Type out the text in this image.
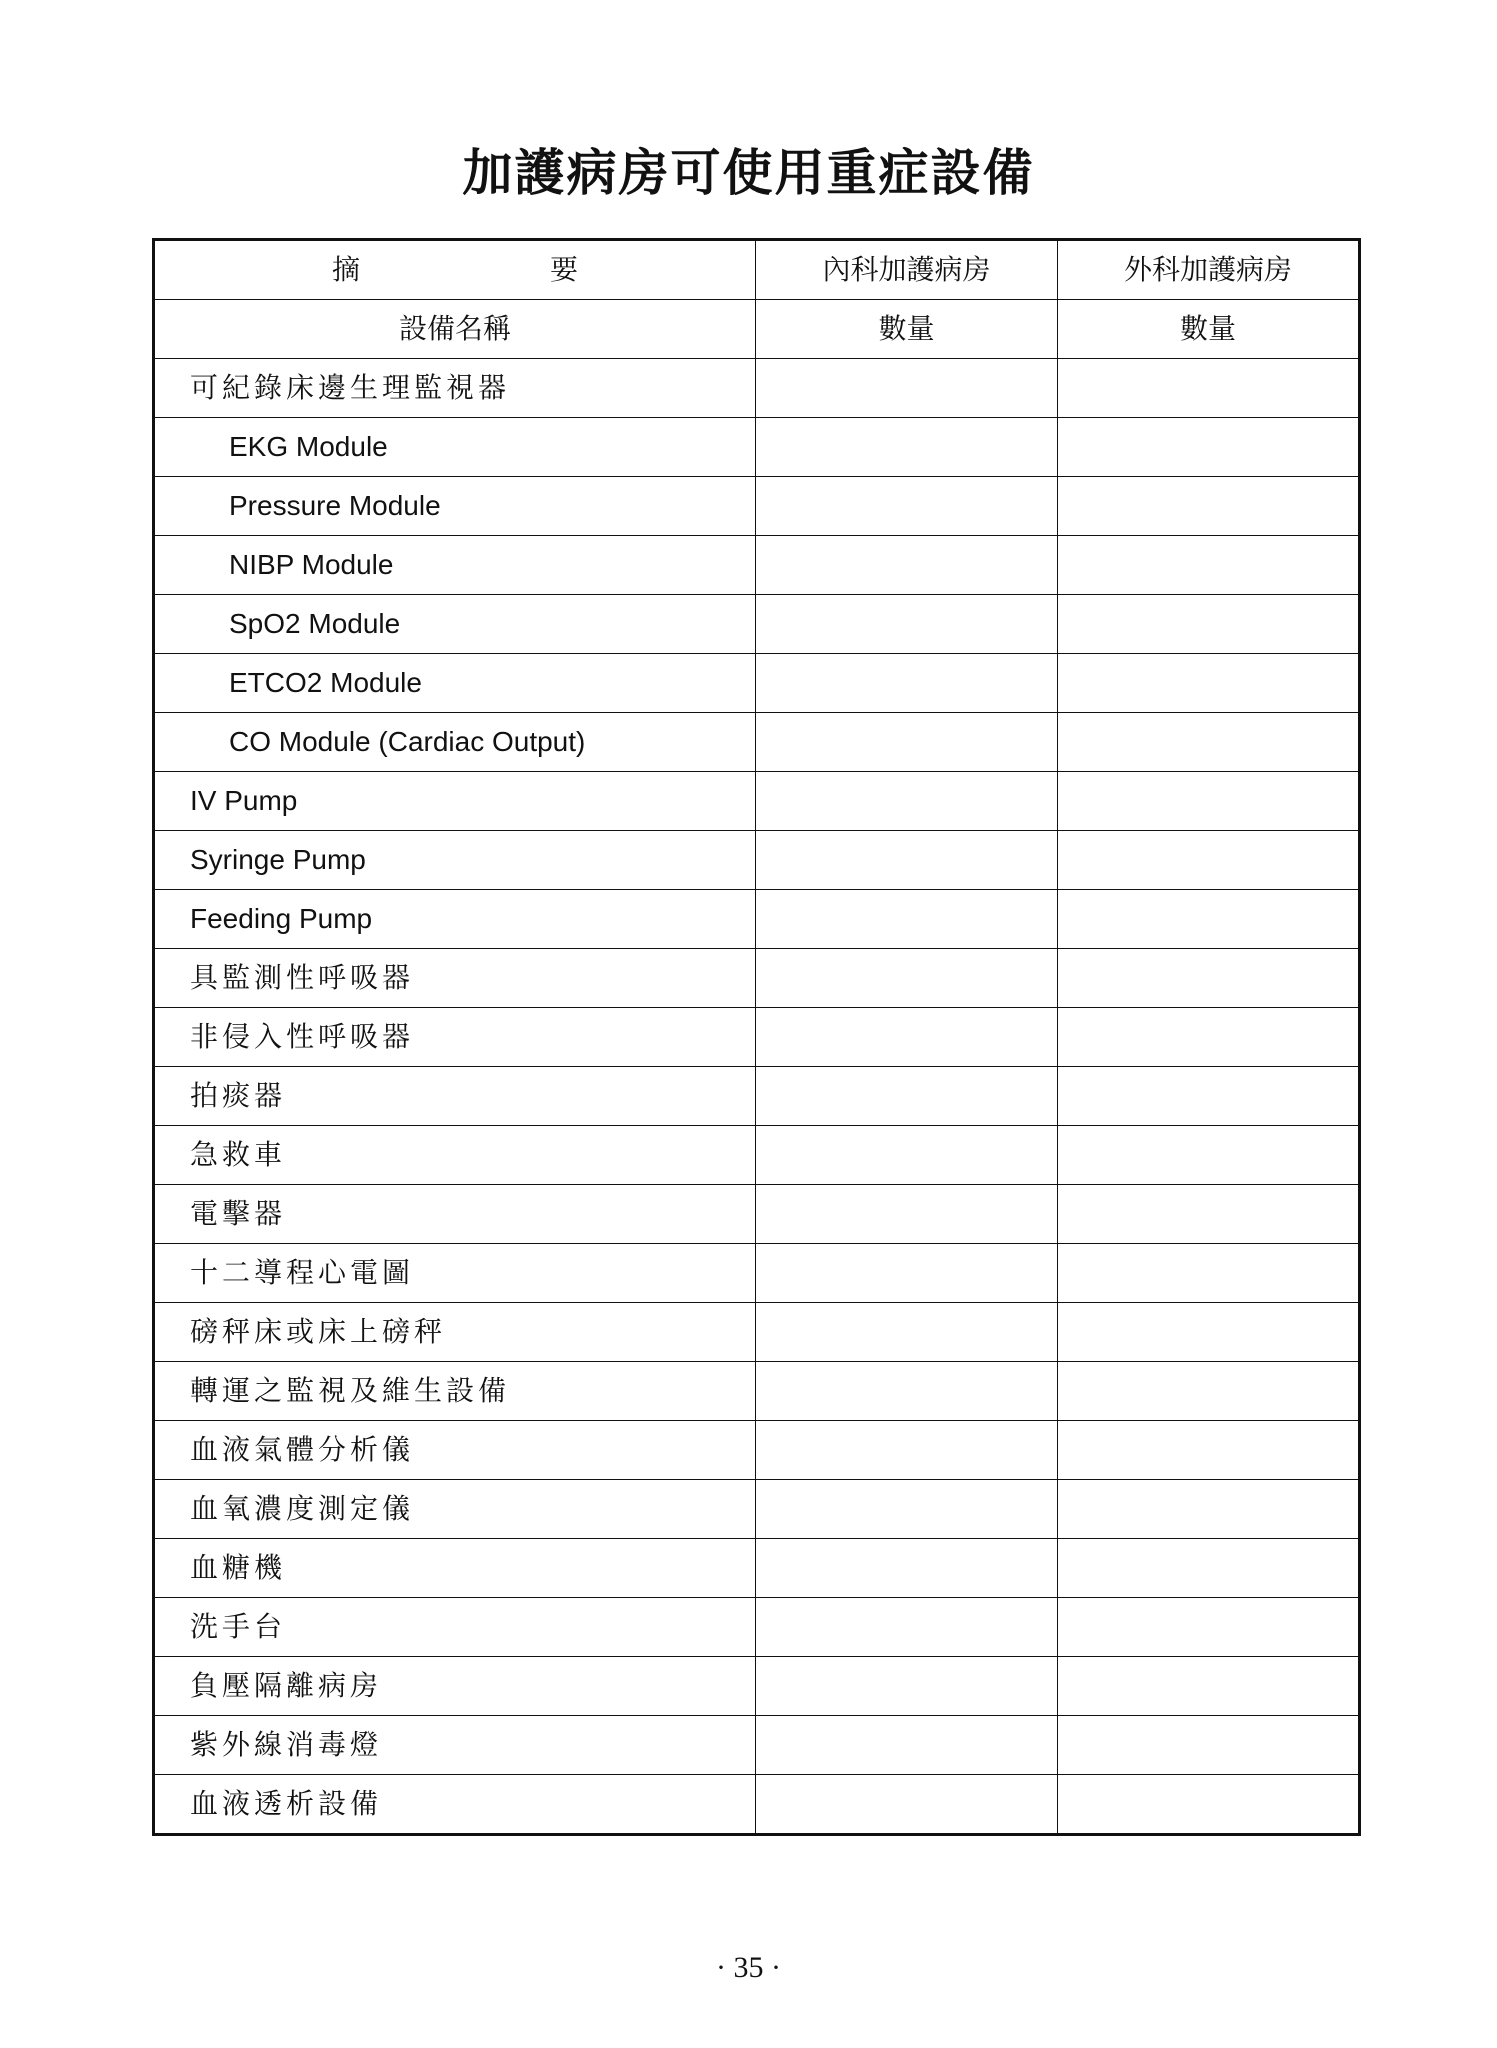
加護病房可使用重症設備
摘 要	內科加護病房	外科加護病房
設備名稱	數量	數量
可紀錄床邊生理監視器		
EKG Module		
Pressure Module		
NIBP Module		
SpO2 Module		
ETCO2 Module		
CO Module (Cardiac Output)		
IV Pump		
Syringe Pump		
Feeding Pump		
具監測性呼吸器		
非侵入性呼吸器		
拍痰器		
急救車		
電擊器		
十二導程心電圖		
磅秤床或床上磅秤		
轉運之監視及維生設備		
血液氣體分析儀		
血氧濃度測定儀		
血糖機		
洗手台		
負壓隔離病房		
紫外線消毒燈		
血液透析設備		
· 35 ·
